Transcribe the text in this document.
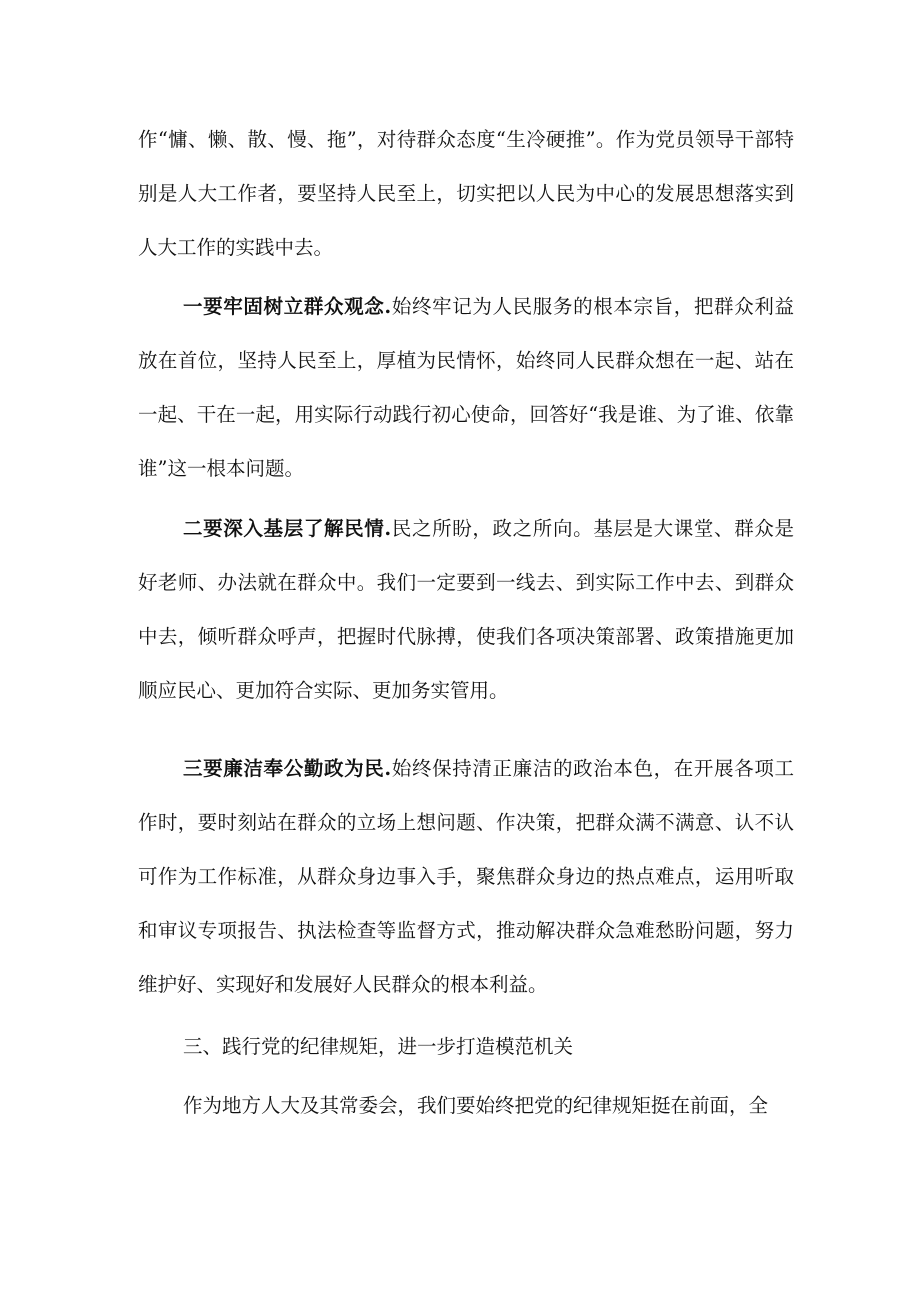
作“慵、懒、散、慢、拖”，对待群众态度“生冷硬推”。作为党员领导干部特别是人大工作者，要坚持人民至上，切实把以人民为中心的发展思想落实到人大工作的实践中去。

一要牢固树立群众观念.始终牢记为人民服务的根本宗旨，把群众利益放在首位，坚持人民至上，厚植为民情怀，始终同人民群众想在一起、站在一起、干在一起，用实际行动践行初心使命，回答好“我是谁、为了谁、依靠谁”这一根本问题。

二要深入基层了解民情.民之所盼，政之所向。基层是大课堂、群众是好老师、办法就在群众中。我们一定要到一线去、到实际工作中去、到群众中去，倾听群众呼声，把握时代脉搏，使我们各项决策部署、政策措施更加顺应民心、更加符合实际、更加务实管用。

三要廉洁奉公勤政为民.始终保持清正廉洁的政治本色，在开展各项工作时，要时刻站在群众的立场上想问题、作决策，把群众满不满意、认不认可作为工作标准，从群众身边事入手，聚焦群众身边的热点难点，运用听取和审议专项报告、执法检查等监督方式，推动解决群众急难愁盼问题，努力维护好、实现好和发展好人民群众的根本利益。

三、践行党的纪律规矩，进一步打造模范机关

作为地方人大及其常委会，我们要始终把党的纪律规矩挺在前面，全
